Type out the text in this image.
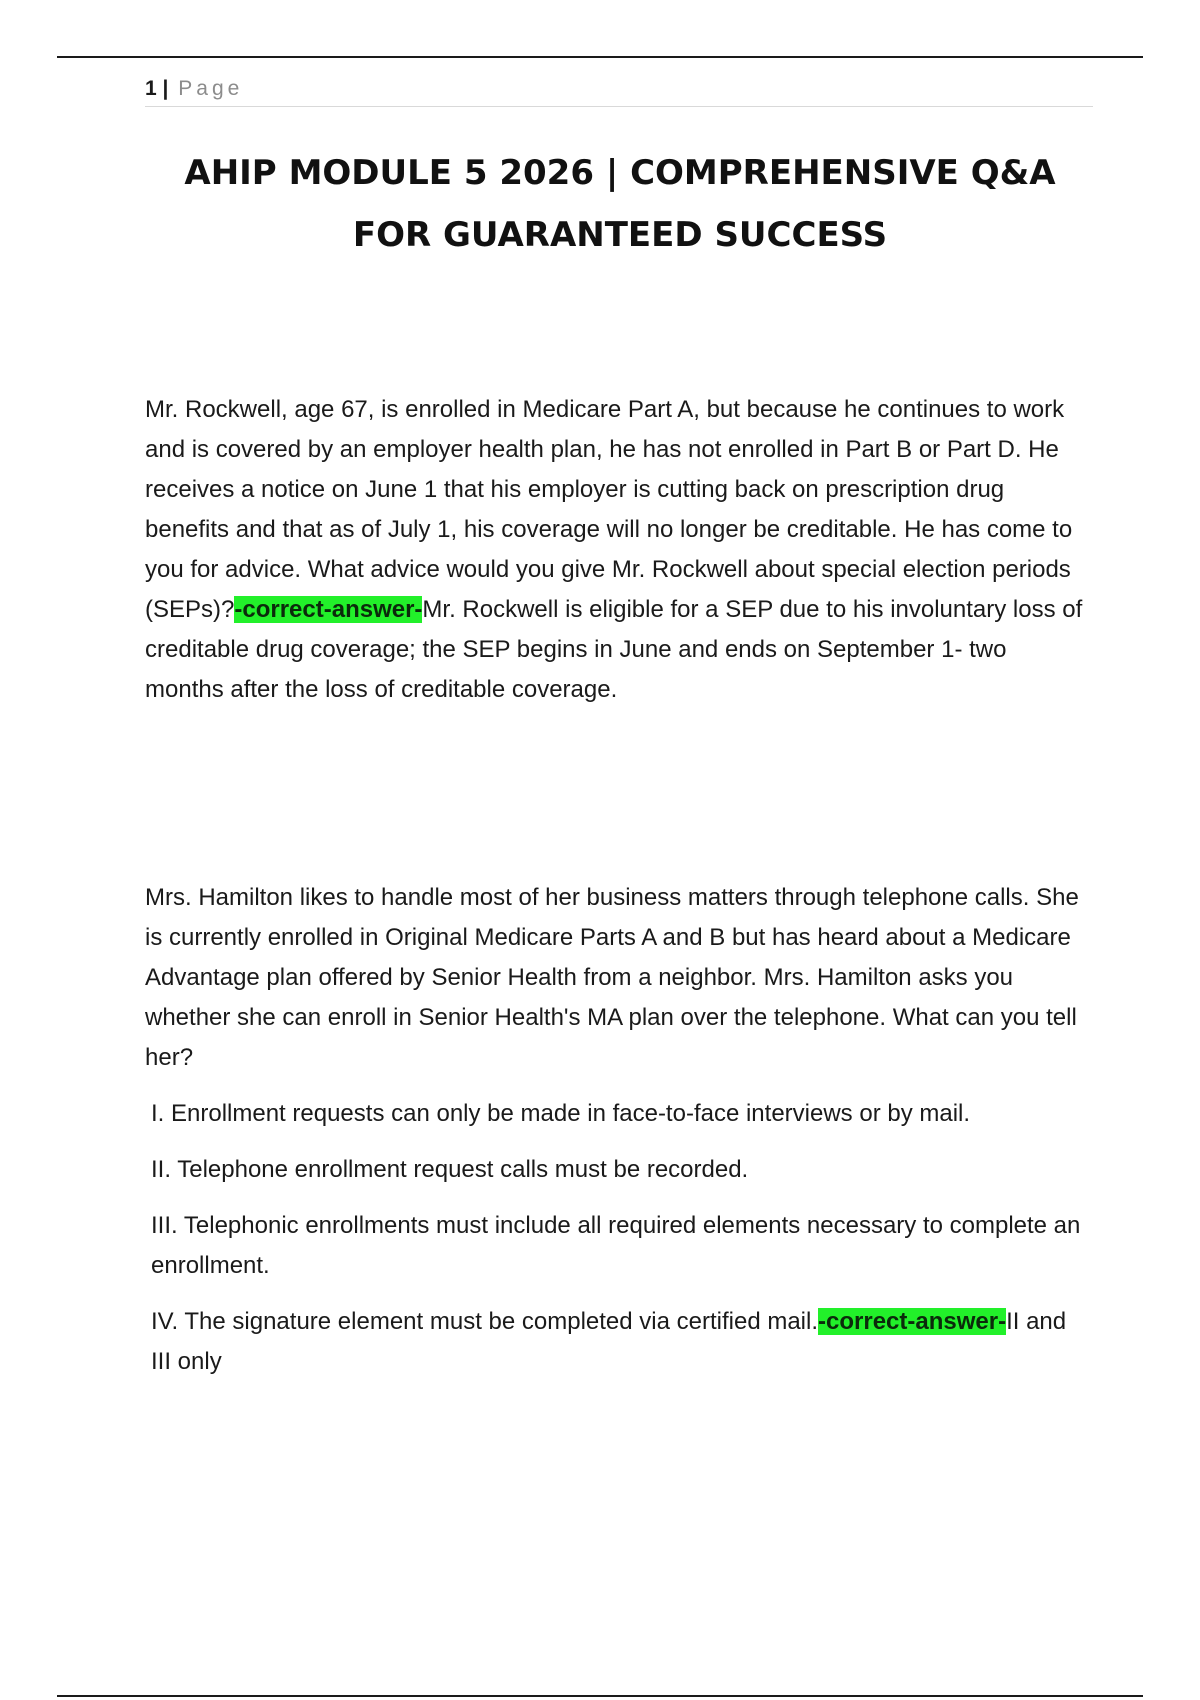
1 | Page
AHIP MODULE 5 2026 | COMPREHENSIVE Q&A FOR GUARANTEED SUCCESS

Mr. Rockwell, age 67, is enrolled in Medicare Part A, but because he continues to work and is covered by an employer health plan, he has not enrolled in Part B or Part D. He receives a notice on June 1 that his employer is cutting back on prescription drug benefits and that as of July 1, his coverage will no longer be creditable. He has come to you for advice. What advice would you give Mr. Rockwell about special election periods (SEPs)?-correct-answer-Mr. Rockwell is eligible for a SEP due to his involuntary loss of creditable drug coverage; the SEP begins in June and ends on September 1- two months after the loss of creditable coverage.

Mrs. Hamilton likes to handle most of her business matters through telephone calls. She is currently enrolled in Original Medicare Parts A and B but has heard about a Medicare Advantage plan offered by Senior Health from a neighbor. Mrs. Hamilton asks you whether she can enroll in Senior Health's MA plan over the telephone. What can you tell her?

I. Enrollment requests can only be made in face-to-face interviews or by mail.

II. Telephone enrollment request calls must be recorded.

III. Telephonic enrollments must include all required elements necessary to complete an enrollment.

IV. The signature element must be completed via certified mail.-correct-answer-II and III only
